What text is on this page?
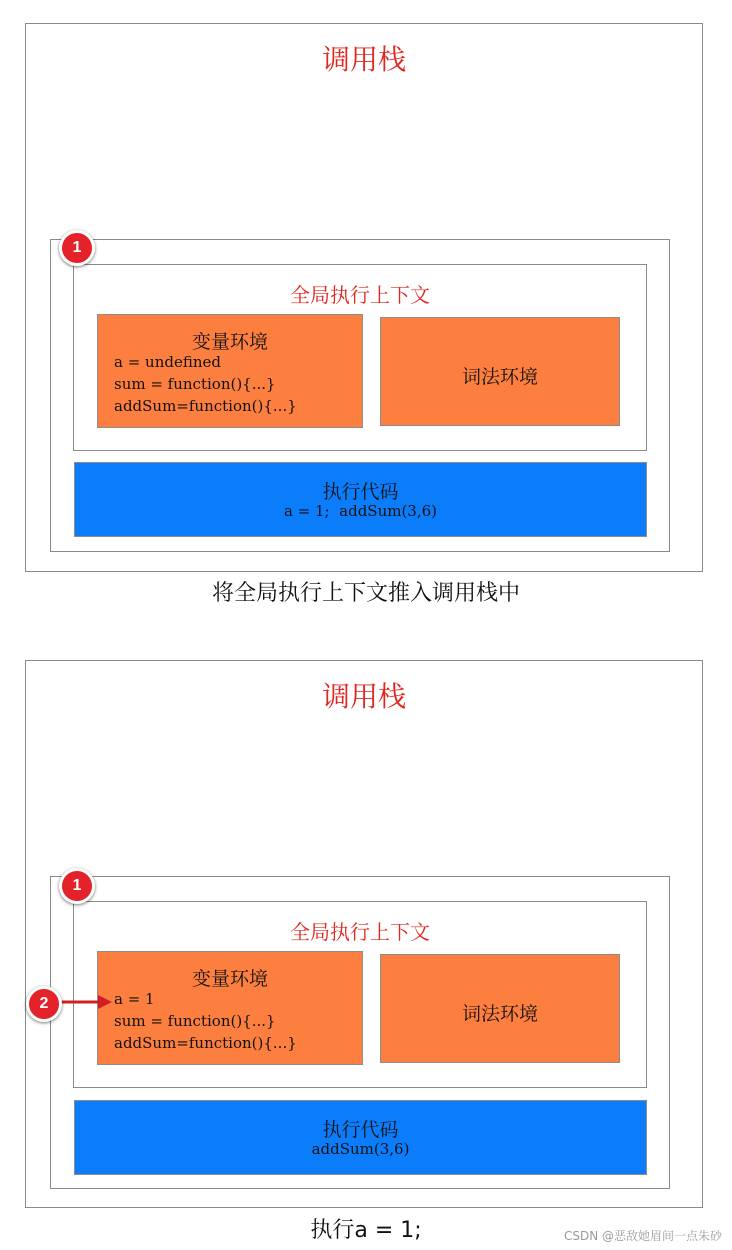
调用栈
全局执行上下文
变量环境
a = undefined
sum = function(){...}
addSum=function(){...}
词法环境
执行代码
a = 1;  addSum(3,6)
1
将全局执行上下文推入调用栈中
调用栈
全局执行上下文
变量环境
a = 1
sum = function(){...}
addSum=function(){...}
词法环境
执行代码
addSum(3,6)
1
2
执行a = 1;	CSDN @恶敌她眉间一点朱砂
